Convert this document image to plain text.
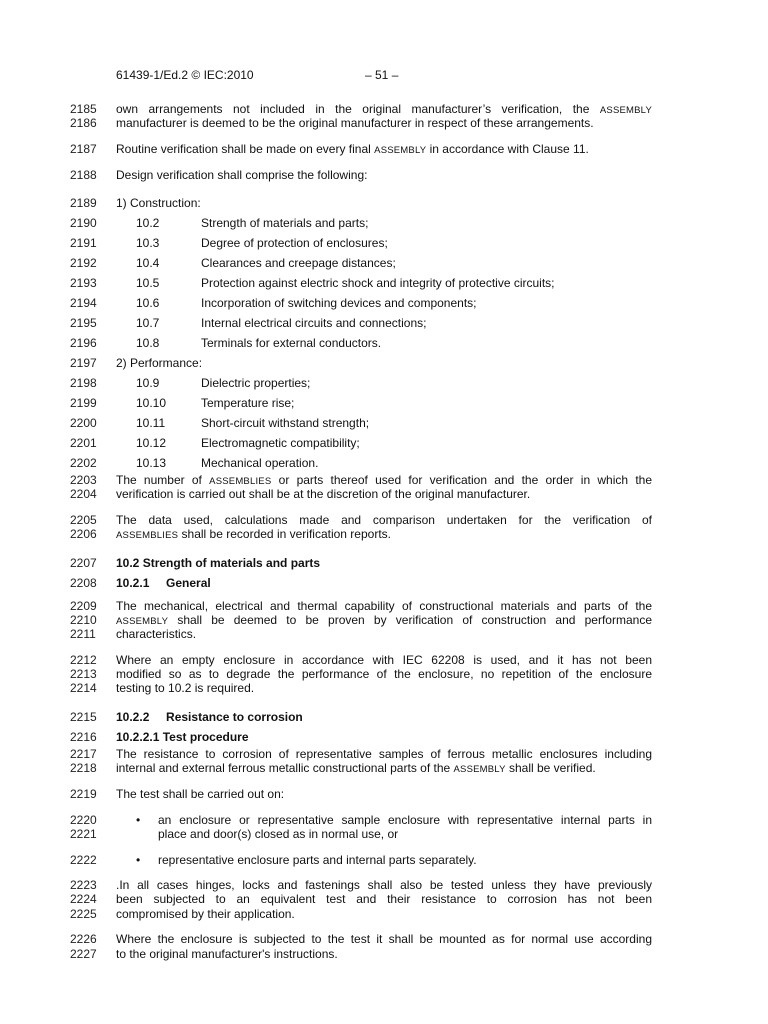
61439-1/Ed.2 © IEC:2010	– 51 –
2185 own arrangements not included in the original manufacturer’s verification, the ASSEMBLY
2186 manufacturer is deemed to be the original manufacturer in respect of these arrangements.
2187 Routine verification shall be made on every final ASSEMBLY in accordance with Clause 11.
2188 Design verification shall comprise the following:
2189 1) Construction:
2190	10.2	Strength of materials and parts;
2191	10.3	Degree of protection of enclosures;
2192	10.4	Clearances and creepage distances;
2193	10.5	Protection against electric shock and integrity of protective circuits;
2194	10.6	Incorporation of switching devices and components;
2195	10.7	Internal electrical circuits and connections;
2196	10.8	Terminals for external conductors.
2197 2) Performance:
2198	10.9	Dielectric properties;
2199	10.10	Temperature rise;
2200	10.11	Short-circuit withstand strength;
2201	10.12	Electromagnetic compatibility;
2202	10.13	Mechanical operation.
2203 The number of ASSEMBLIES or parts thereof used for verification and the order in which the
2204 verification is carried out shall be at the discretion of the original manufacturer.
2205 The data used, calculations made and comparison undertaken for the verification of
2206	ASSEMBLIES shall be recorded in verification reports.
2207 10.2 Strength of materials and parts
2208 10.2.1 General
2209 The mechanical, electrical and thermal capability of constructional materials and parts of the
2210	ASSEMBLY shall be deemed to be proven by verification of construction and performance
2211	characteristics.
2212 Where an empty enclosure in accordance with IEC 62208 is used, and it has not been
2213 modified so as to degrade the performance of the enclosure, no repetition of the enclosure
2214 testing to 10.2 is required.
2215 10.2.2 Resistance to corrosion
2216 10.2.2.1 Test procedure
2217 The resistance to corrosion of representative samples of ferrous metallic enclosures including
2218 internal and external ferrous metallic constructional parts of the ASSEMBLY shall be verified.
2219 The test shall be carried out on:
2220	•	an enclosure or representative sample enclosure with representative internal parts in
2221	place and door(s) closed as in normal use, or
2222	•	representative enclosure parts and internal parts separately.
2223 .In all cases hinges, locks and fastenings shall also be tested unless they have previously
2224 been subjected to an equivalent test and their resistance to corrosion has not been
2225 compromised by their application.
2226 Where the enclosure is subjected to the test it shall be mounted as for normal use according
2227 to the original manufacturer's instructions.
